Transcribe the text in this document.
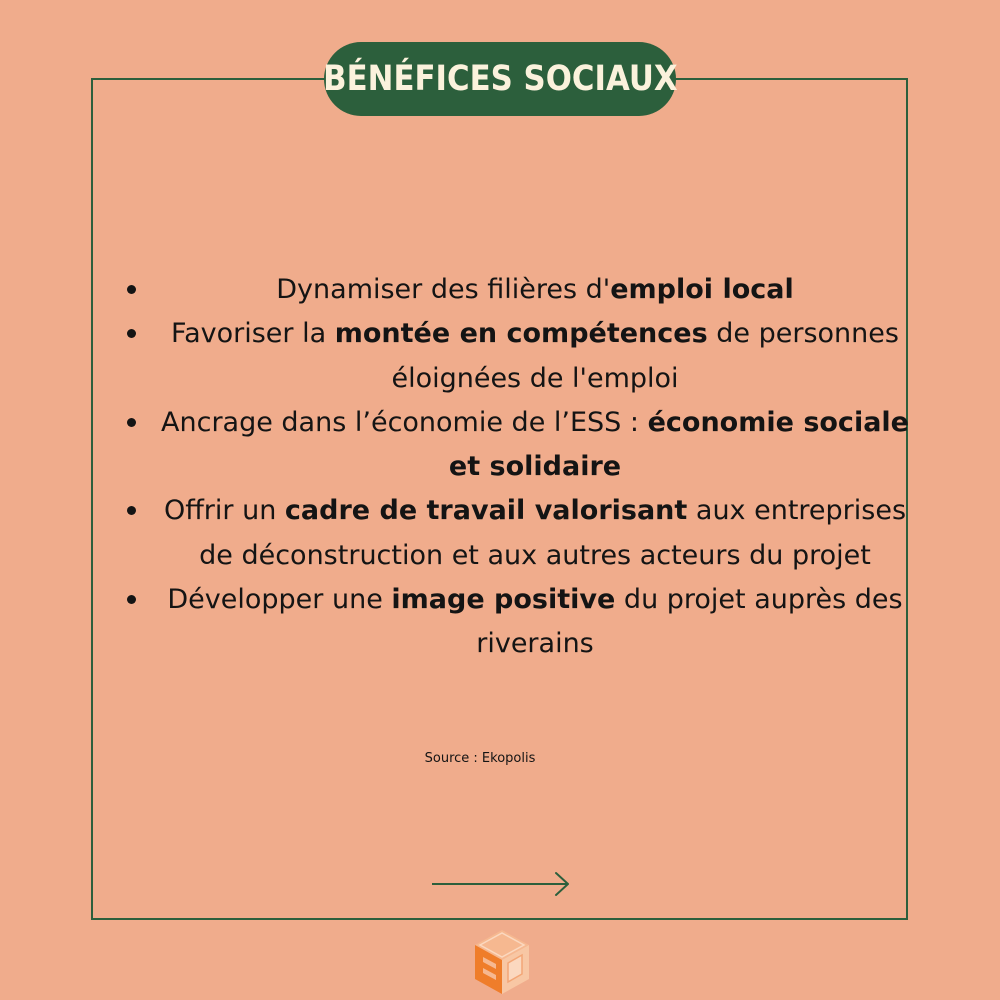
BÉNÉFICES SOCIAUX
Dynamiser des filières d'emploi local
Favoriser la montée en compétences de personnes éloignées de l'emploi
Ancrage dans l’économie de l’ESS : économie sociale et solidaire
Offrir un cadre de travail valorisant aux entreprises de déconstruction et aux autres acteurs du projet
Développer une image positive du projet auprès des riverains
Source : Ekopolis
